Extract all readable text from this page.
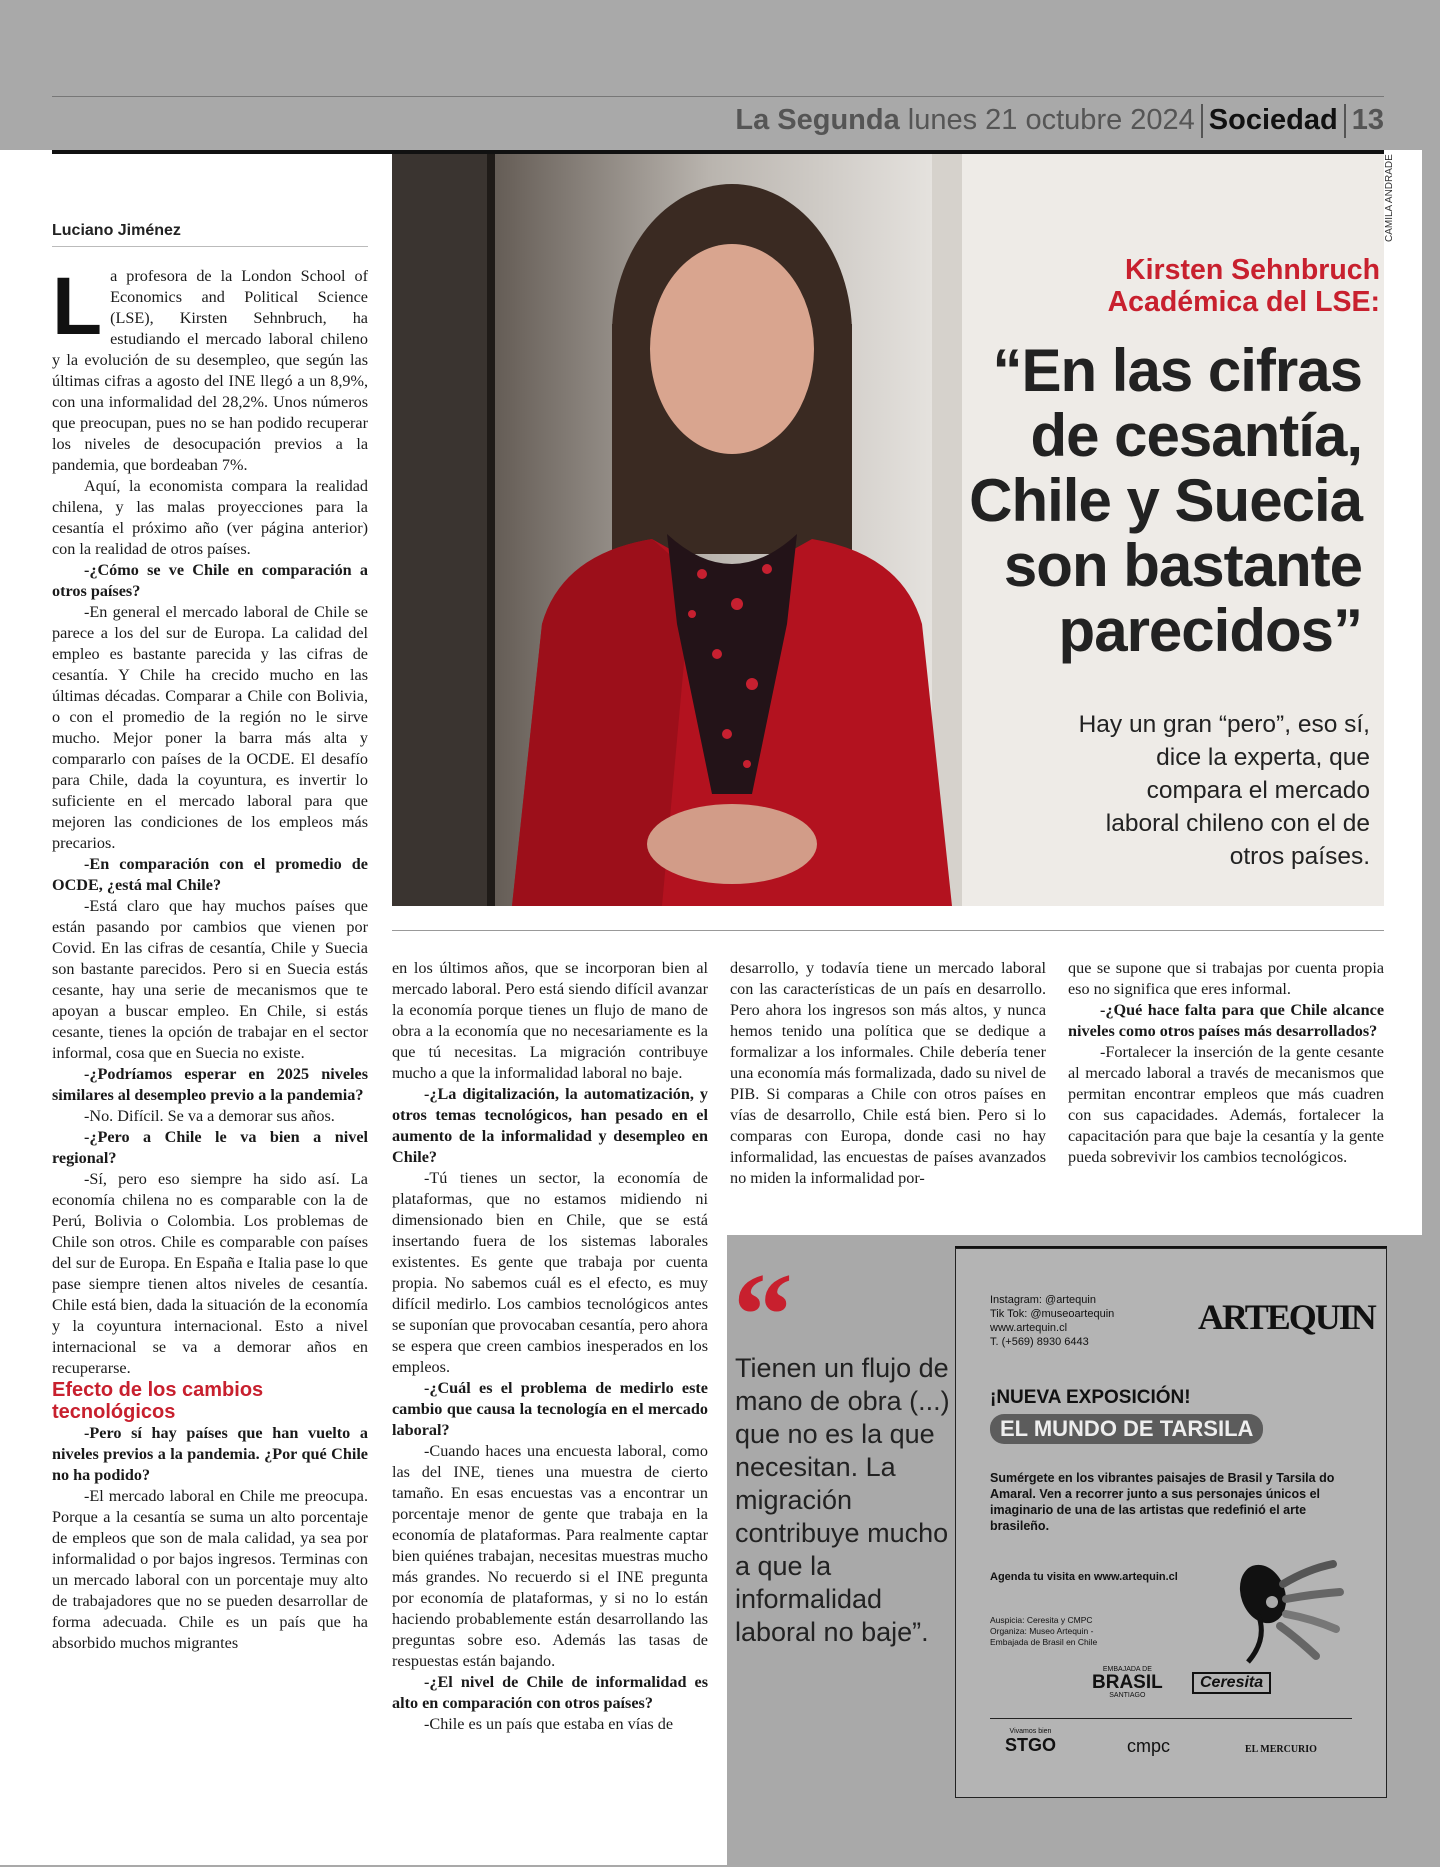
La Segunda lunes 21 octubre 2024 Sociedad 13
CAMILA ANDRADE
Kirsten Sehnbruch
Académica del LSE:
“En las cifras
de cesantía,
Chile y Suecia
son bastante
parecidos”
Hay un gran “pero”, eso sí,
dice la experta, que
compara el mercado
laboral chileno con el de
otros países.
Luciano Jiménez

La profesora de la London School of Economics and Political Science (LSE), Kirsten Sehnbruch, ha estudiando el mercado laboral chileno y la evolución de su desempleo, que según las últimas cifras a agosto del INE llegó a un 8,9%, con una informalidad del 28,2%. Unos números que preocupan, pues no se han podido recuperar los niveles de desocupación previos a la pandemia, que bordeaban 7%.

Aquí, la economista compara la realidad chilena, y las malas proyecciones para la cesantía el próximo año (ver página anterior) con la realidad de otros países.

-¿Cómo se ve Chile en comparación a otros países?

-En general el mercado laboral de Chile se parece a los del sur de Europa. La calidad del empleo es bastante parecida y las cifras de cesantía. Y Chile ha crecido mucho en las últimas décadas. Comparar a Chile con Bolivia, o con el promedio de la región no le sirve mucho. Mejor poner la barra más alta y compararlo con países de la OCDE. El desafío para Chile, dada la coyuntura, es invertir lo suficiente en el mercado laboral para que mejoren las condiciones de los empleos más precarios.

-En comparación con el promedio de OCDE, ¿está mal Chile?

-Está claro que hay muchos países que están pasando por cambios que vienen por Covid. En las cifras de cesantía, Chile y Suecia son bastante parecidos. Pero si en Suecia estás cesante, hay una serie de mecanismos que te apoyan a buscar empleo. En Chile, si estás cesante, tienes la opción de trabajar en el sector informal, cosa que en Suecia no existe.

-¿Podríamos esperar en 2025 niveles similares al desempleo previo a la pandemia?

-No. Difícil. Se va a demorar sus años.

-¿Pero a Chile le va bien a nivel regional?

-Sí, pero eso siempre ha sido así. La economía chilena no es comparable con la de Perú, Bolivia o Colombia. Los problemas de Chile son otros. Chile es comparable con países del sur de Europa. En España e Italia pase lo que pase siempre tienen altos niveles de cesantía. Chile está bien, dada la situación de la economía y la coyuntura internacional. Esto a nivel internacional se va a demorar años en recuperarse.

Efecto de los cambios tecnológicos

-Pero sí hay países que han vuelto a niveles previos a la pandemia. ¿Por qué Chile no ha podido?

-El mercado laboral en Chile me preocupa. Porque a la cesantía se suma un alto porcentaje de empleos que son de mala calidad, ya sea por informalidad o por bajos ingresos. Terminas con un mercado laboral con un porcentaje muy alto de trabajadores que no se pueden desarrollar de forma adecuada. Chile es un país que ha absorbido muchos migrantes

en los últimos años, que se incorporan bien al mercado laboral. Pero está siendo difícil avanzar la economía porque tienes un flujo de mano de obra a la economía que no necesariamente es la que tú necesitas. La migración contribuye mucho a que la informalidad laboral no baje.

-¿La digitalización, la automatización, y otros temas tecnológicos, han pesado en el aumento de la informalidad y desempleo en Chile?

-Tú tienes un sector, la economía de plataformas, que no estamos midiendo ni dimensionado bien en Chile, que se está insertando fuera de los sistemas laborales existentes. Es gente que trabaja por cuenta propia. No sabemos cuál es el efecto, es muy difícil medirlo. Los cambios tecnológicos antes se suponían que provocaban cesantía, pero ahora se espera que creen cambios inesperados en los empleos.

-¿Cuál es el problema de medirlo este cambio que causa la tecnología en el mercado laboral?

-Cuando haces una encuesta laboral, como las del INE, tienes una muestra de cierto tamaño. En esas encuestas vas a encontrar un porcentaje menor de gente que trabaja en la economía de plataformas. Para realmente captar bien quiénes trabajan, necesitas muestras mucho más grandes. No recuerdo si el INE pregunta por economía de plataformas, y si no lo están haciendo probablemente están desarrollando las preguntas sobre eso. Además las tasas de respuestas están bajando.

-¿El nivel de Chile de informalidad es alto en comparación con otros países?

-Chile es un país que estaba en vías de

desarrollo, y todavía tiene un mercado laboral con las características de un país en desarrollo. Pero ahora los ingresos son más altos, y nunca hemos tenido una política que se dedique a formalizar a los informales. Chile debería tener una economía más formalizada, dado su nivel de PIB. Si comparas a Chile con otros países en vías de desarrollo, Chile está bien. Pero si lo comparas con Europa, donde casi no hay informalidad, las encuestas de países avanzados no miden la informalidad por-

que se supone que si trabajas por cuenta propia eso no significa que eres informal.

-¿Qué hace falta para que Chile alcance niveles como otros países más desarrollados?

-Fortalecer la inserción de la gente cesante al mercado laboral a través de mecanismos que permitan encontrar empleos que más cuadren con sus capacidades. Además, fortalecer la capacitación para que baje la cesantía y la gente pueda sobrevivir los cambios tecnológicos.

“
Tienen un flujo de mano de obra (...) que no es la que necesitan. La migración contribuye mucho a que la informalidad laboral no baje”.
Instagram: @artequin
Tik Tok: @museoartequin
www.artequin.cl
T. (+569) 8930 6443
ARTEQUIN
¡NUEVA EXPOSICIÓN!
EL MUNDO DE TARSILA
Sumérgete en los vibrantes paisajes de Brasil y Tarsila do Amaral. Ven a recorrer junto a sus personajes únicos el imaginario de una de las artistas que redefinió el arte brasileño.
Agenda tu visita en www.artequin.cl
Auspicia: Ceresita y CMPC
Organiza: Museo Artequin -
Embajada de Brasil en Chile
EMBAJADA DE
BRASIL
SANTIAGO
Ceresita
Vivamos bien
STGO	cmpc	EL MERCURIO
